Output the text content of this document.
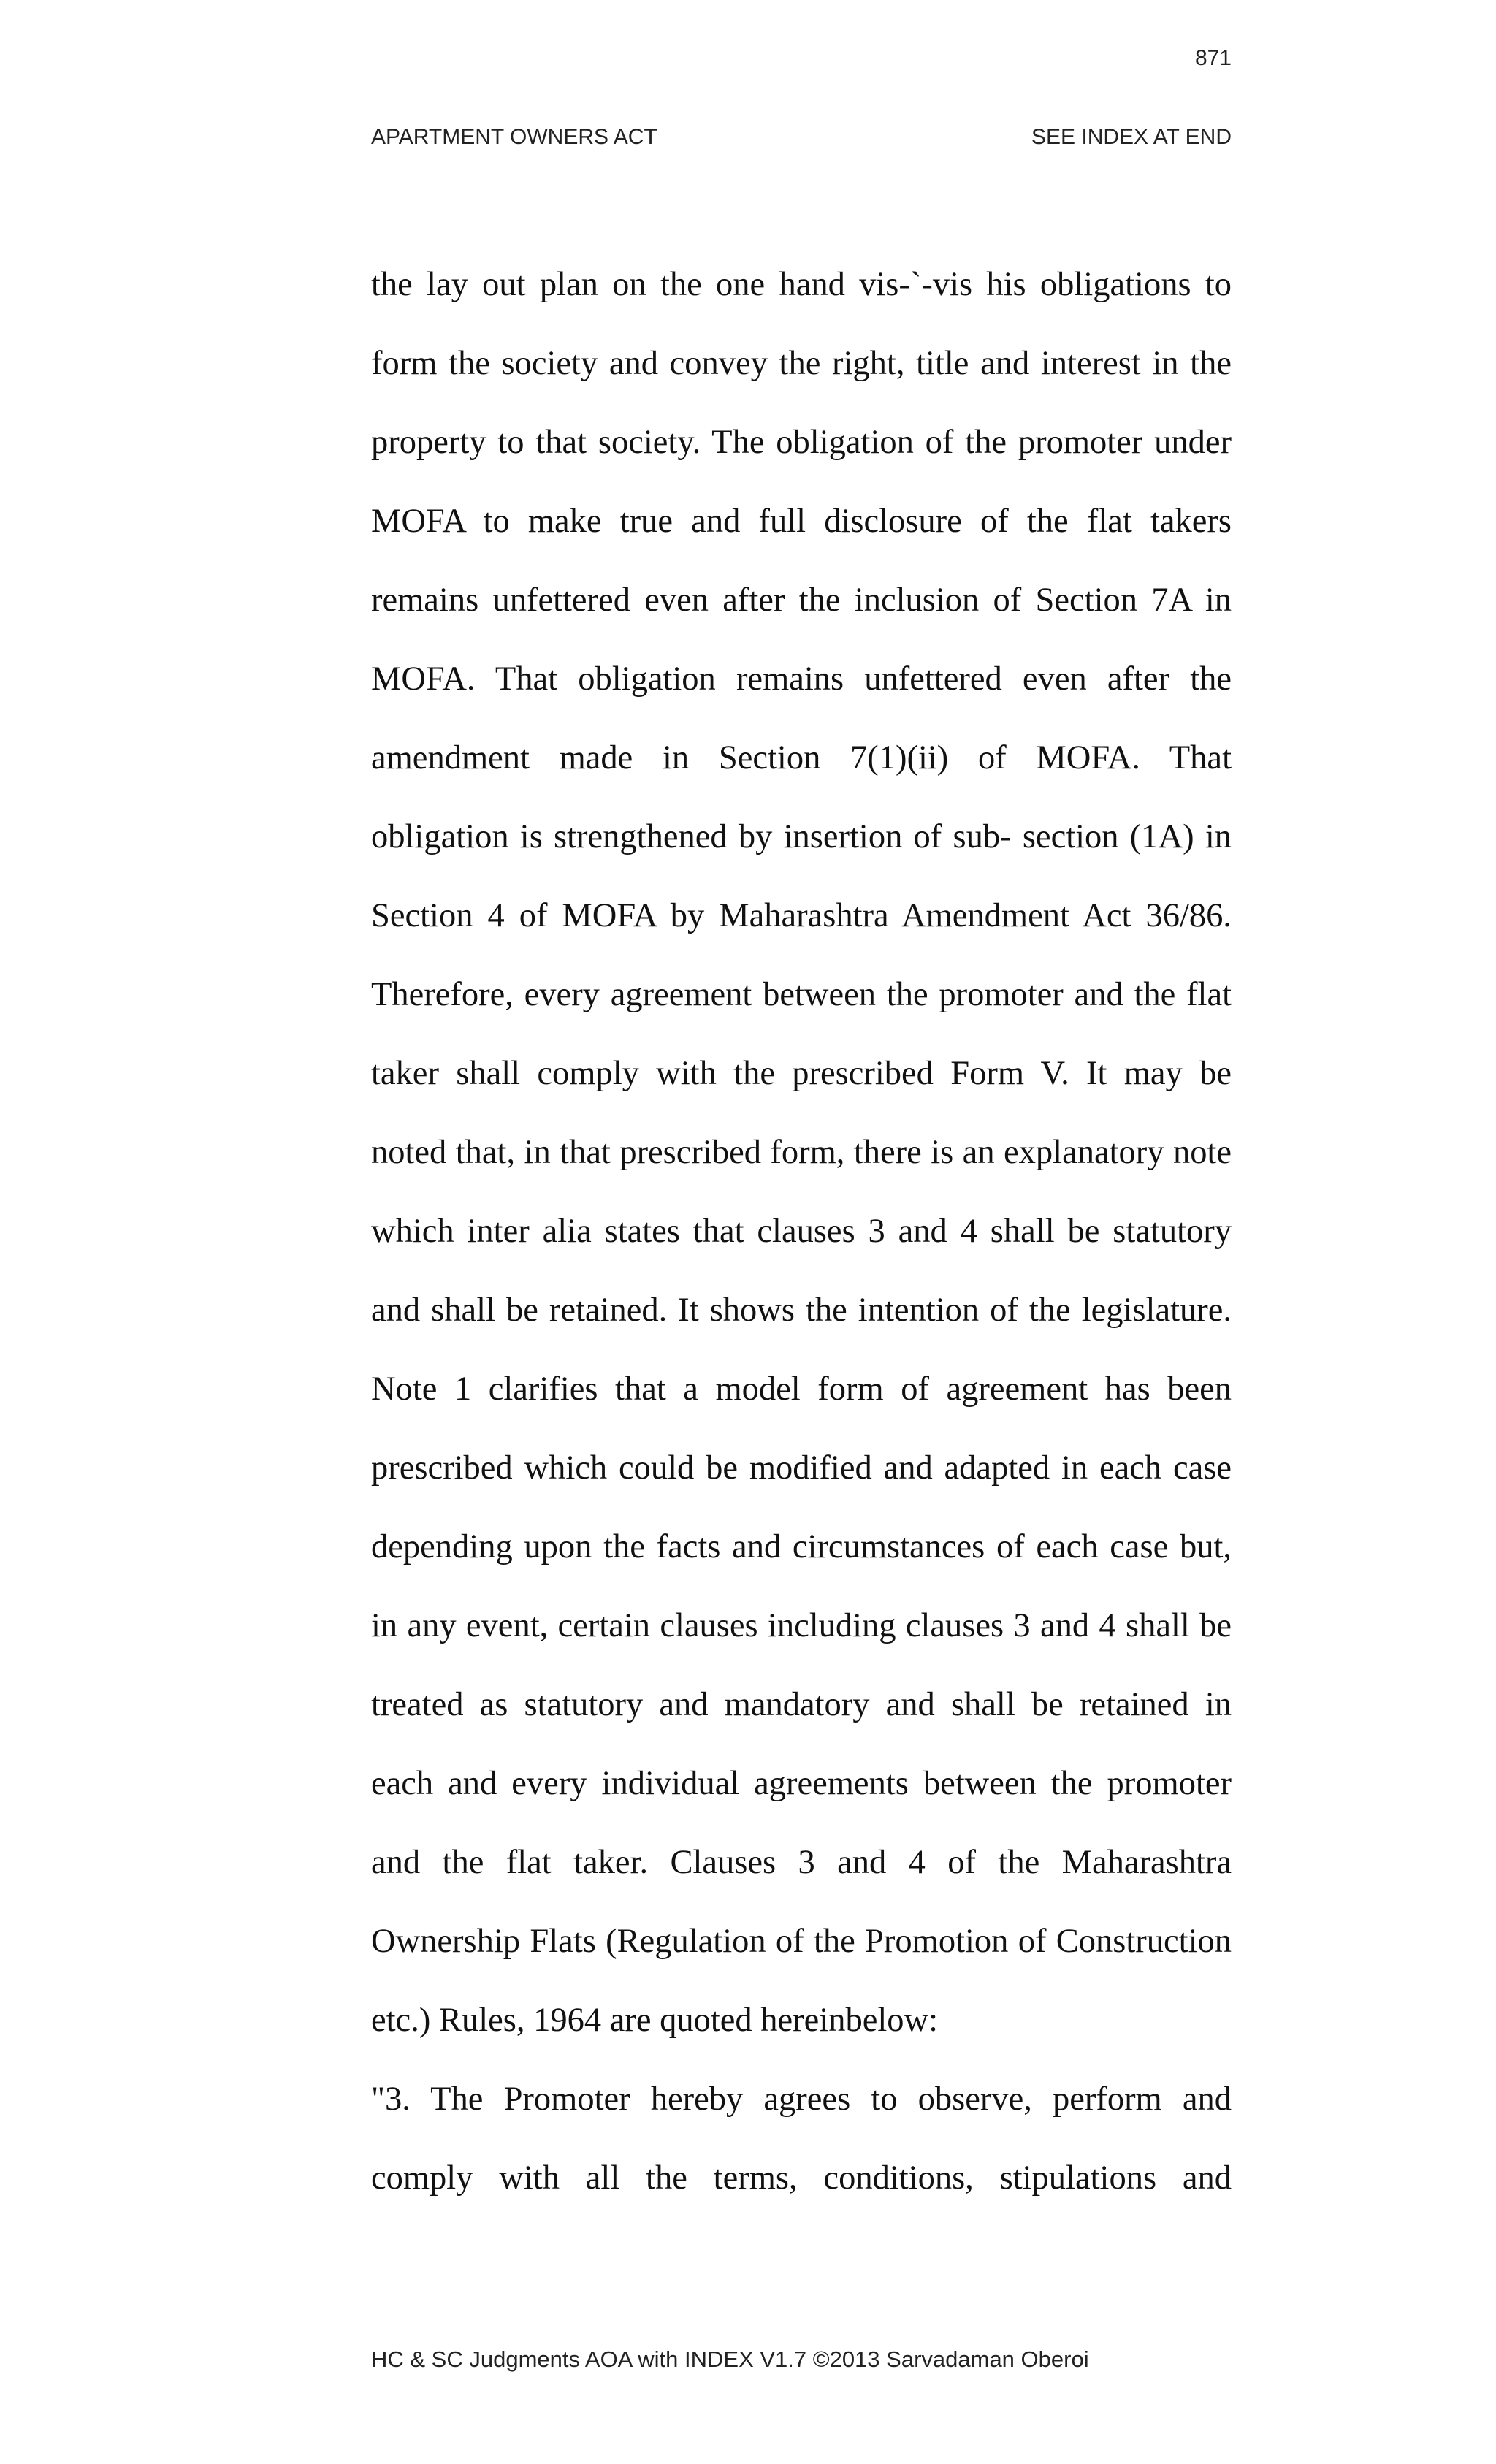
871
APARTMENT OWNERS ACT	SEE INDEX AT END
the lay out plan on the one hand vis-`-vis his obligations to
form the society and convey the right, title and interest in the
property to that society. The obligation of the promoter under
MOFA to make true and full disclosure of the flat takers
remains unfettered even after the inclusion of Section 7A in
MOFA. That obligation remains unfettered even after the
amendment made in Section 7(1)(ii) of MOFA. That
obligation is strengthened by insertion of sub- section (1A) in
Section 4 of MOFA by Maharashtra Amendment Act 36/86.
Therefore, every agreement between the promoter and the flat
taker shall comply with the prescribed Form V. It may be
noted that, in that prescribed form, there is an explanatory note
which inter alia states that clauses 3 and 4 shall be statutory
and shall be retained. It shows the intention of the legislature.
Note 1 clarifies that a model form of agreement has been
prescribed which could be modified and adapted in each case
depending upon the facts and circumstances of each case but,
in any event, certain clauses including clauses 3 and 4 shall be
treated as statutory and mandatory and shall be retained in
each and every individual agreements between the promoter
and the flat taker. Clauses 3 and 4 of the Maharashtra
Ownership Flats (Regulation of the Promotion of Construction
etc.) Rules, 1964 are quoted hereinbelow:
"3. The Promoter hereby agrees to observe, perform and
comply with all the terms, conditions, stipulations and
HC & SC Judgments AOA with INDEX V1.7 ©2013 Sarvadaman Oberoi
